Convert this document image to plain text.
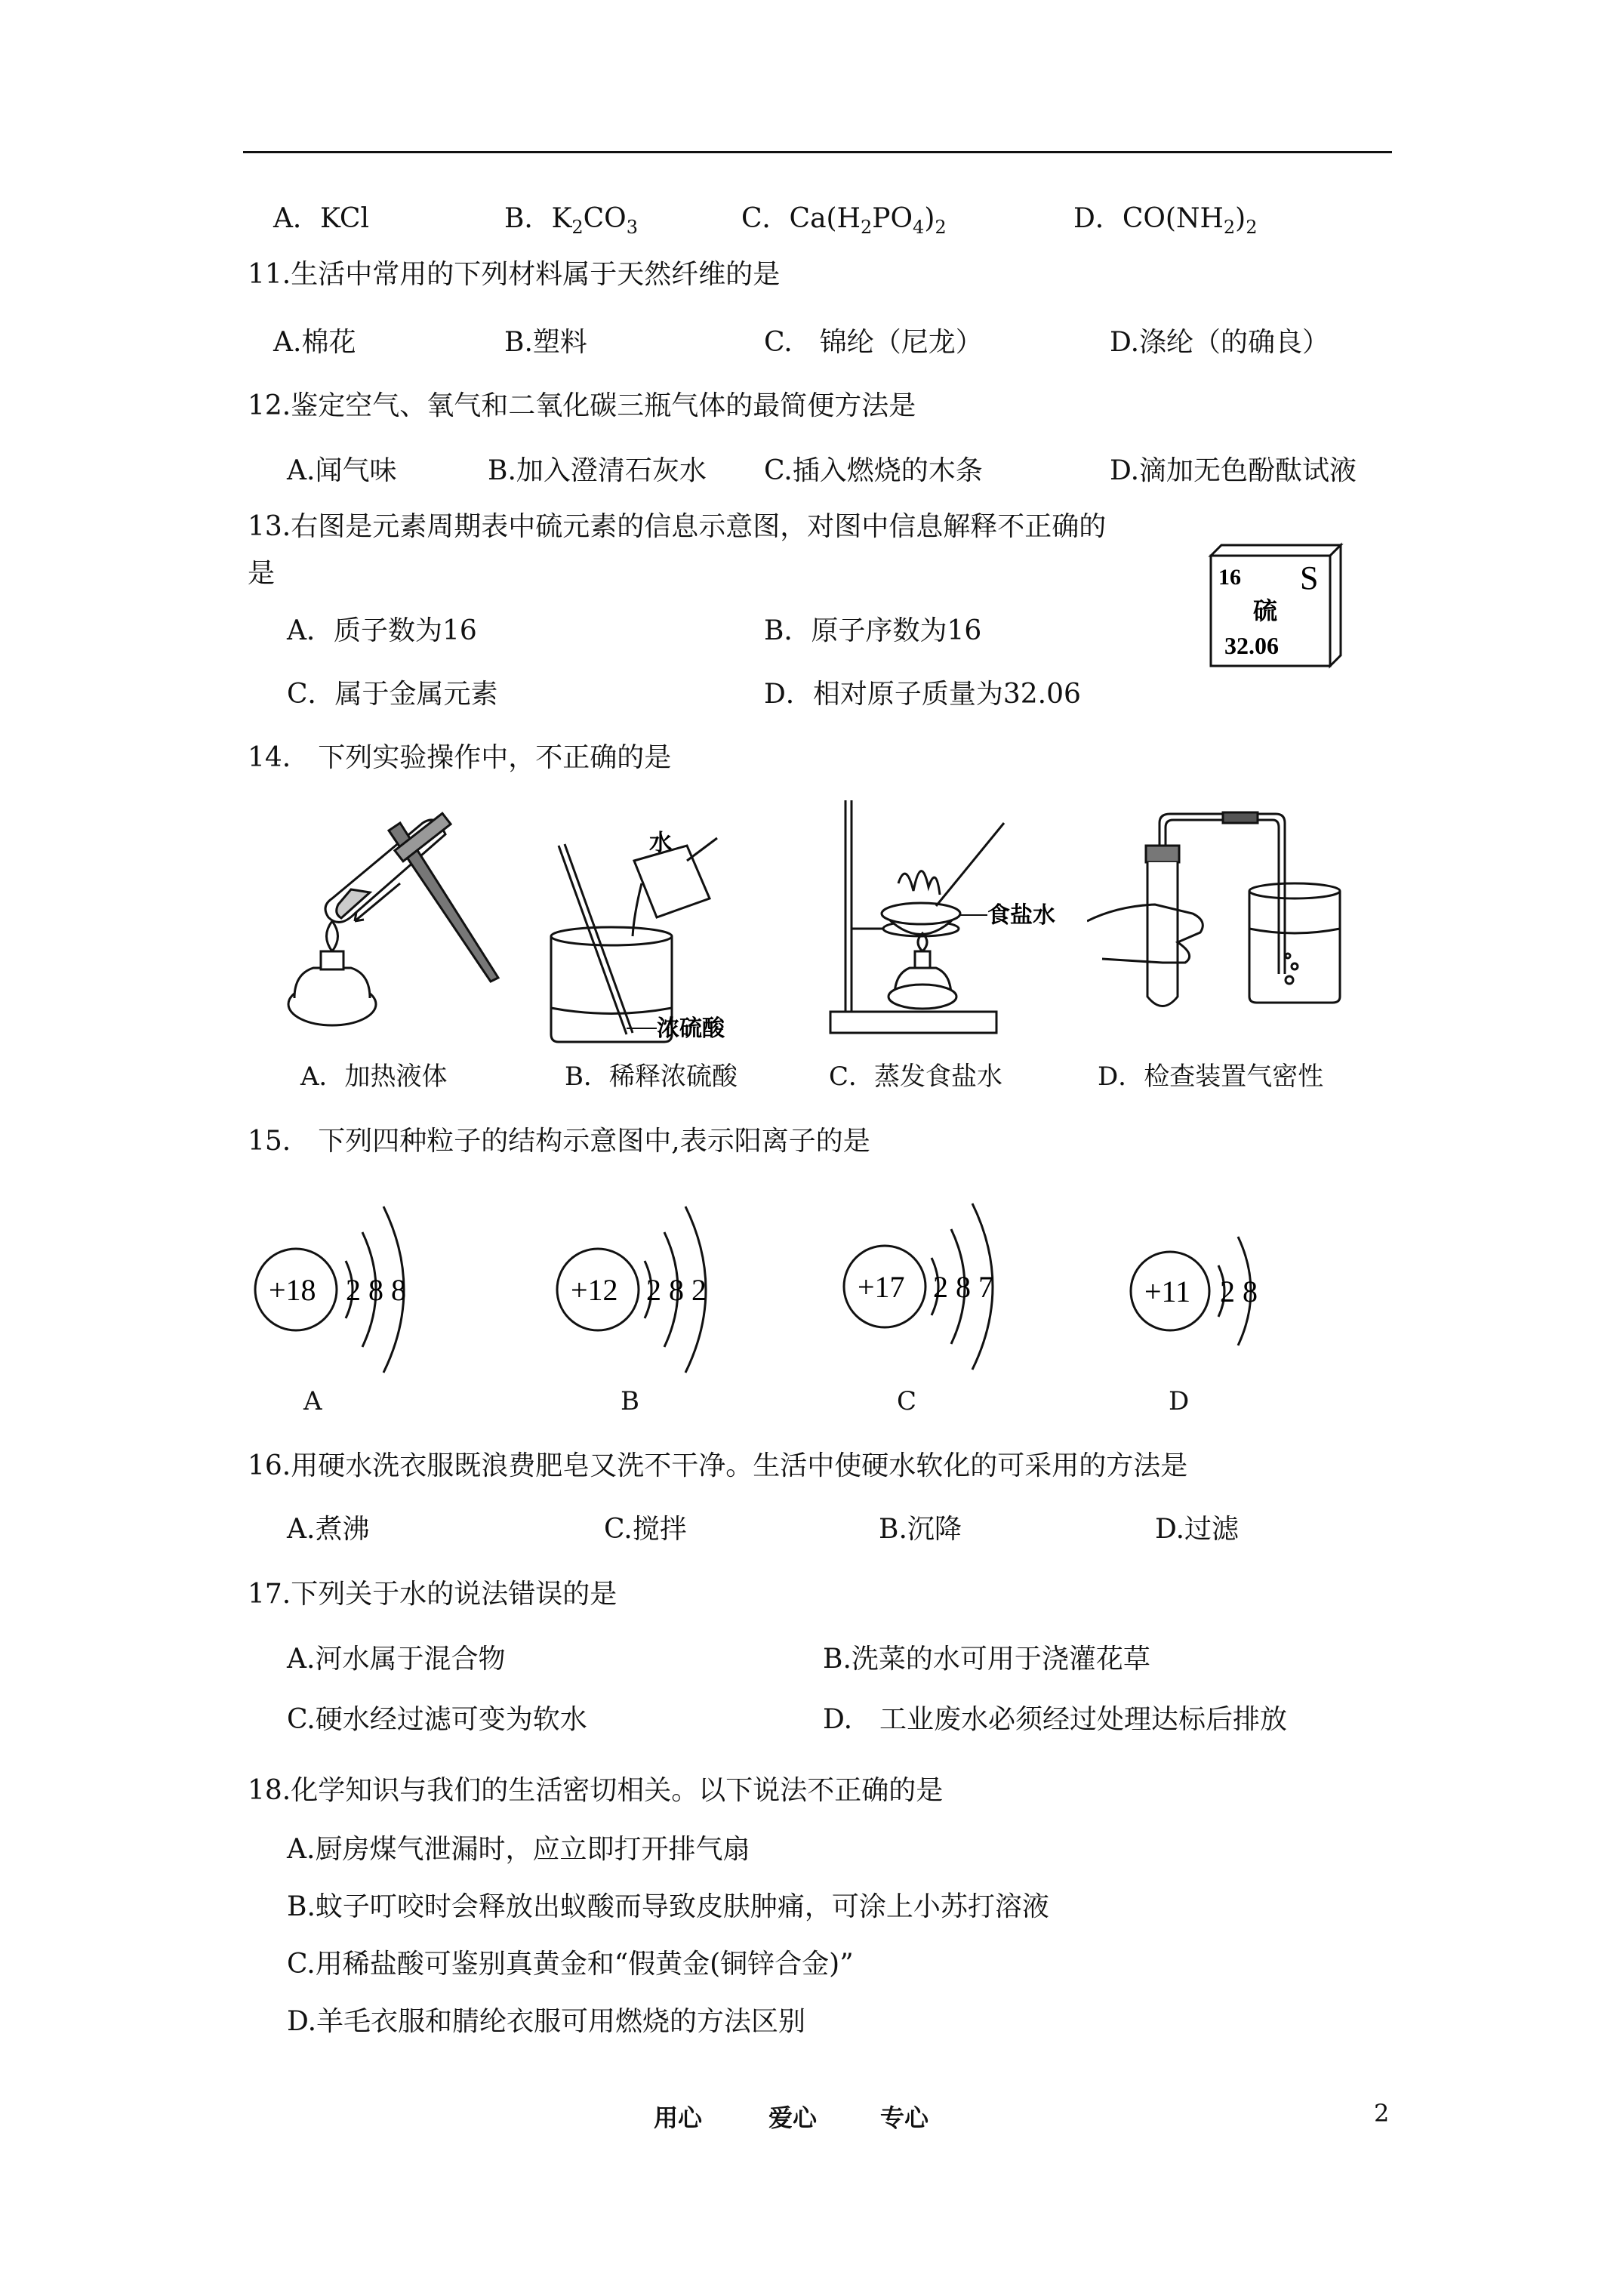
A．KCl	B．$K_2CO_3$	C．$Ca(H_2PO_4)_2$	D．$CO(NH_2)_2$
11.生活中常用的下列材料属于天然纤维的是
A.棉花	B.塑料	C.　锦纶（尼龙）	D.涤纶（的确良）
12.鉴定空气、氧气和二氧化碳三瓶气体的最简便方法是
A.闻气味	B.加入澄清石灰水 C.插入燃烧的木条	D.滴加无色酚酞试液
13.右图是元素周期表中硫元素的信息示意图，对图中信息解释不正确的
是
A．质子数为16	B．原子序数为16
C．属于金属元素	D．相对原子质量为32.06
16 S
硫
32.06
14.　下列实验操作中，不正确的是
水
浓硫酸
食盐水
A．加热液体	B．稀释浓硫酸	C．蒸发食盐水	D．检查装置气密性
15.　下列四种粒子的结构示意图中,表示阳离子的是
+18 2 8 8
A
+12 2 8 2
B
+17 2 8 7
C
+11 2 8
D
16.用硬水洗衣服既浪费肥皂又洗不干净。生活中使硬水软化的可采用的方法是
A.煮沸	C.搅拌	B.沉降	D.过滤
17.下列关于水的说法错误的是
A.河水属于混合物	B.洗菜的水可用于浇灌花草
C.硬水经过滤可变为软水	D.　工业废水必须经过处理达标后排放
18.化学知识与我们的生活密切相关。以下说法不正确的是
A.厨房煤气泄漏时，应立即打开排气扇
B.蚊子叮咬时会释放出蚁酸而导致皮肤肿痛，可涂上小苏打溶液
C.用稀盐酸可鉴别真黄金和“假黄金(铜锌合金)”
D.羊毛衣服和腈纶衣服可用燃烧的方法区别
用心	爱心	专心	2
